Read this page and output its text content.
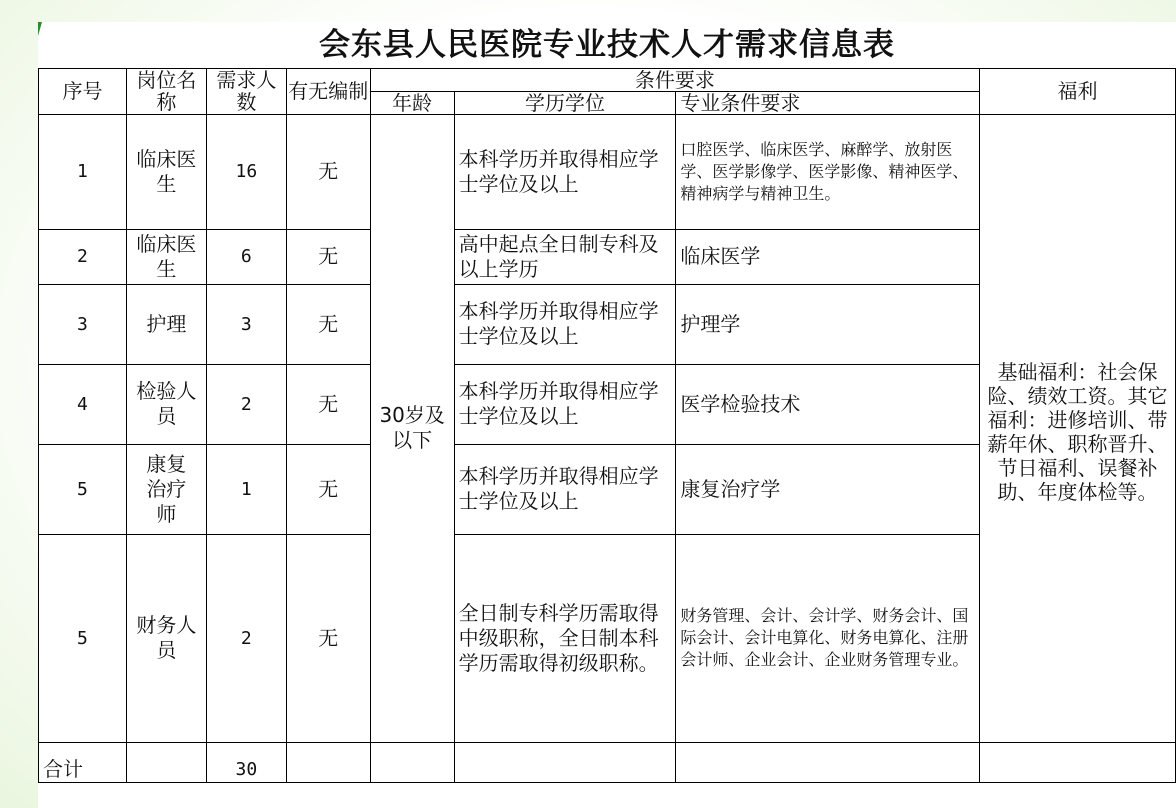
会东县人民医院专业技术人才需求信息表							
序号	岗位名称	需求人数	有无编制	条件要求			福利
				年龄	学历学位	专业条件要求	
1	临床医生	16	无	30岁及以下	本科学历并取得相应学士学位及以上	口腔医学、临床医学、麻醉学、放射医学、医学影像学、医学影像、精神医学、精神病学与精神卫生。	基础福利：社会保险、绩效工资。其它福利：进修培训、带薪年休、职称晋升、节日福利、误餐补助、年度体检等。
2	临床医生	6	无		高中起点全日制专科及以上学历	临床医学	
3	护理	3	无		本科学历并取得相应学士学位及以上	护理学	
4	检验人员	2	无		本科学历并取得相应学士学位及以上	医学检验技术	
5	康复治疗师	1	无		本科学历并取得相应学士学位及以上	康复治疗学	
5	财务人员	2	无		全日制专科学历需取得中级职称，全日制本科学历需取得初级职称。	财务管理、会计、会计学、财务会计、国际会计、会计电算化、财务电算化、注册会计师、企业会计、企业财务管理专业。	
合计		30					
